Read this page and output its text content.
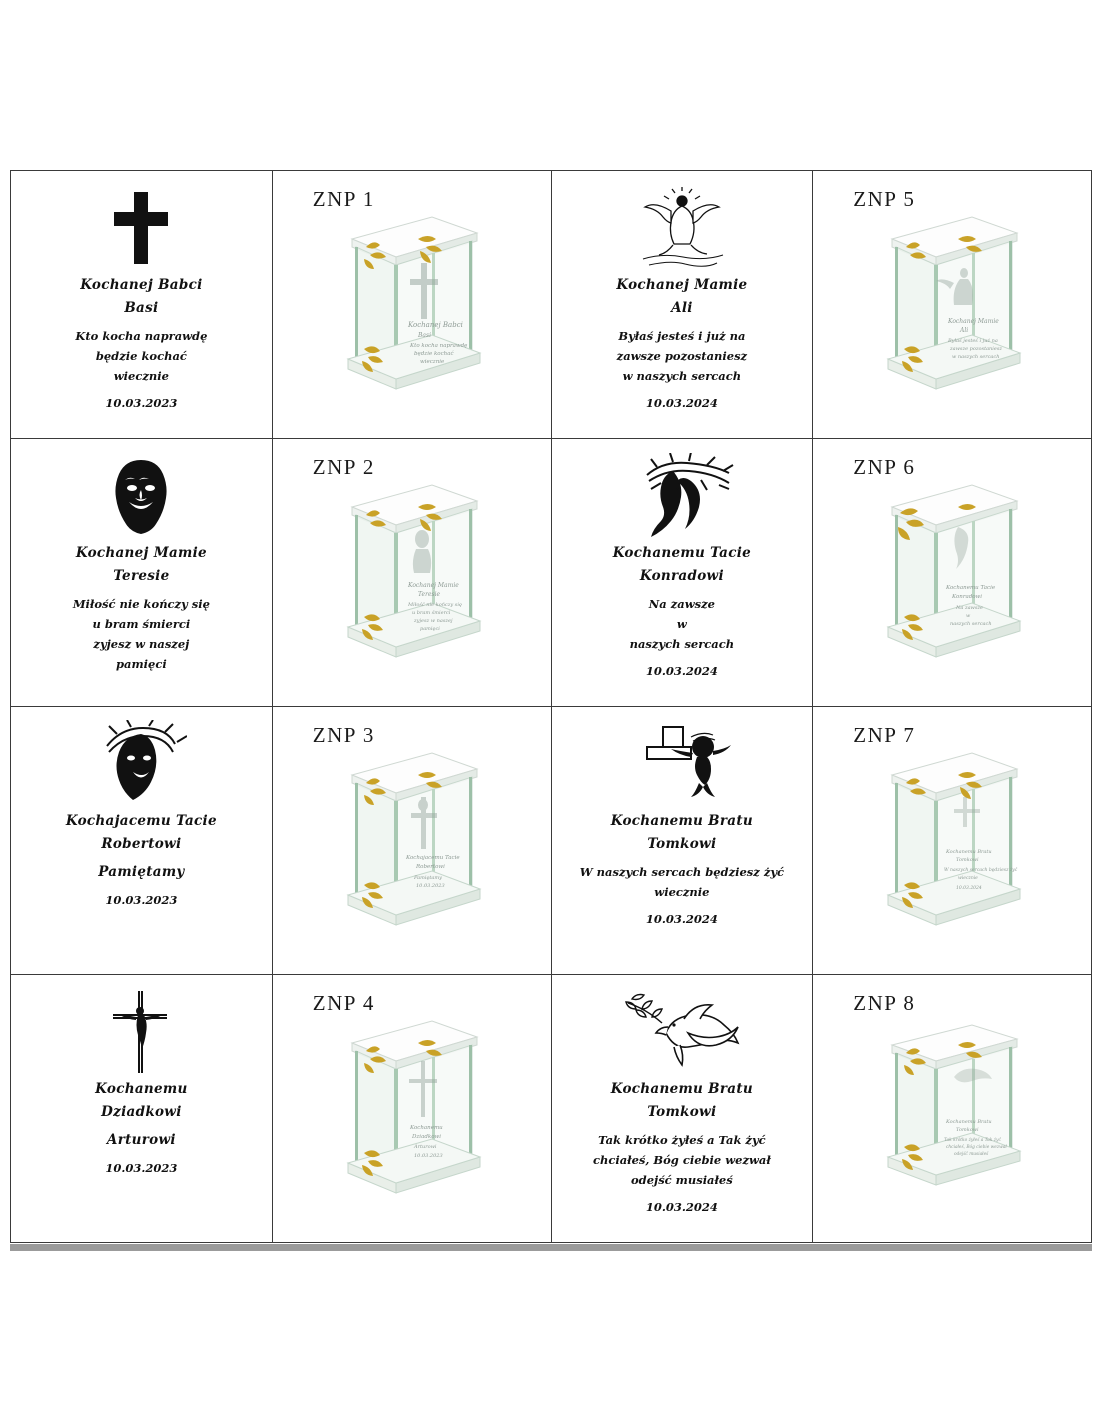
Kochanej Babci
Basi
Kto kocha naprawdę
będzie kochać
wiecznie
10.03.2023
ZNP 1
Kochanej Babci
Basi
Kto kocha naprawdę
będzie kochać
wiecznie
Kochanej Mamie
Ali
Byłaś jesteś i już na
zawsze pozostaniesz
w naszych sercach
10.03.2024
ZNP 5
Kochanej Mamie
Ali
Byłaś jesteś i już na
zawsze pozostaniesz
w naszych sercach
Kochanej Mamie
Teresie
Miłość nie kończy się
u bram śmierci
zyjesz w naszej
pamięci
ZNP 2
Kochanej Mamie
Teresie
Miłość nie kończy się
u bram śmierci
zyjesz w naszej
pamięci
Kochanemu Tacie
Konradowi
Na zawsze
w
naszych sercach
10.03.2024
ZNP 6
Kochanemu Tacie
Konradowi
Na zawsze
w
naszych sercach
Kochajacemu Tacie
Robertowi
Pamiętamy
10.03.2023
ZNP 3
Kochajacemu Tacie
Robertowi
Pamiętamy
10.03.2023
Kochanemu Bratu
Tomkowi
W naszych sercach będziesz żyć
wiecznie
10.03.2024
ZNP 7
Kochanemu Bratu
Tomkowi
W naszych sercach będziesz żyć
wiecznie
10.03.2024
Kochanemu
Dziadkowi
Arturowi
10.03.2023
ZNP 4
Kochanemu
Dziadkowi
Arturowi
10.03.2023
Kochanemu Bratu
Tomkowi
Tak krótko żyłeś a Tak żyć
chciałeś, Bóg ciebie wezwał
odejść musiałeś
10.03.2024
ZNP 8
Kochanemu Bratu
Tomkowi
Tak krótko żyłeś a Tak żyć
chciałeś, Bóg ciebie wezwał
odejść musiałeś
